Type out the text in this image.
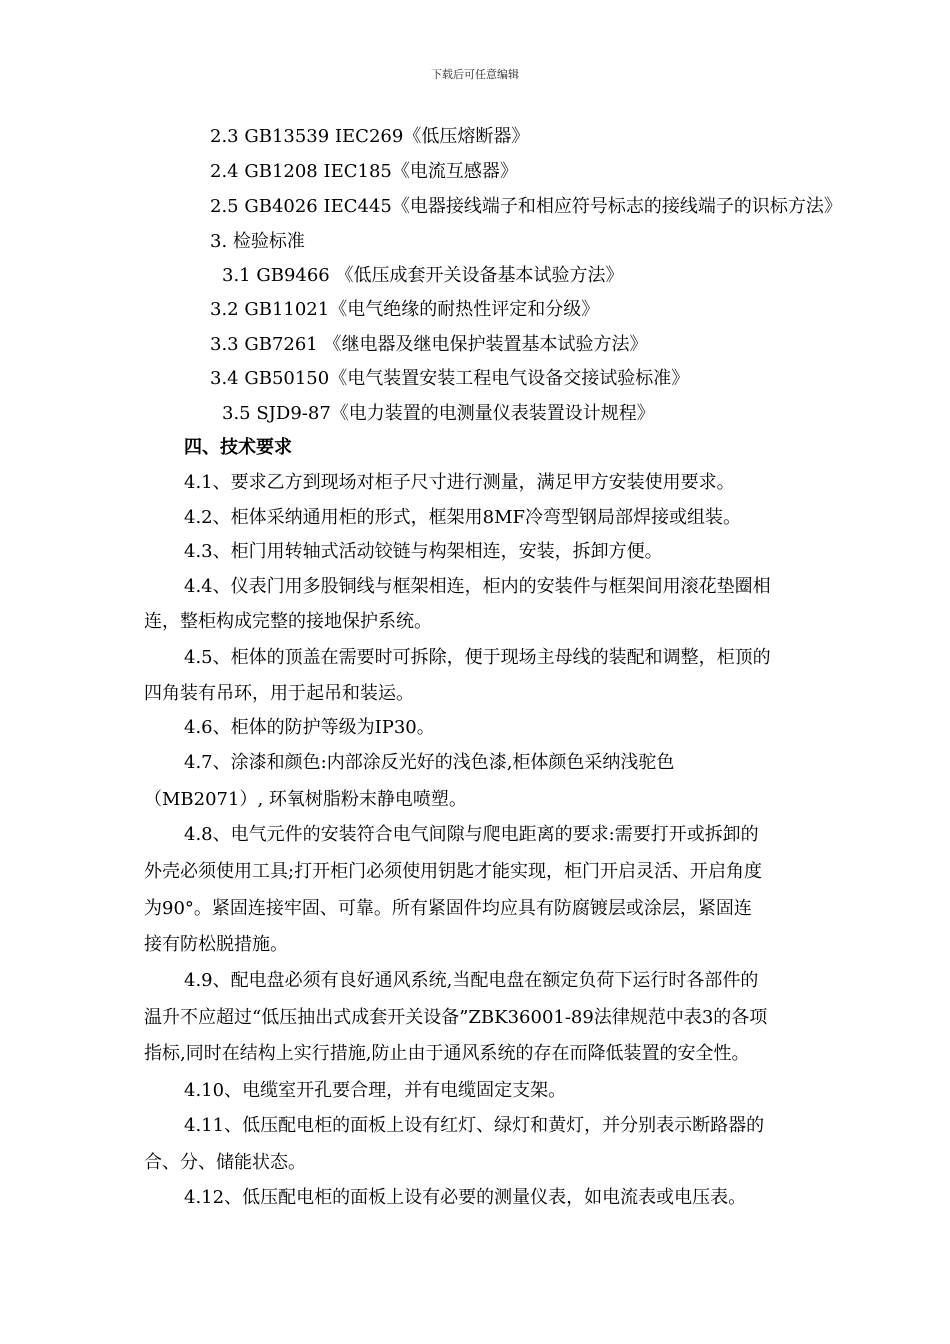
下载后可任意编辑
2.3 GB13539 IEC269《低压熔断器》
2.4 GB1208 IEC185《电流互感器》
2.5 GB4026 IEC445《电器接线端子和相应符号标志的接线端子的识标方法》
3. 检验标准
3.1 GB9466 《低压成套开关设备基本试验方法》
3.2 GB11021《电气绝缘的耐热性评定和分级》
3.3 GB7261 《继电器及继电保护装置基本试验方法》
3.4 GB50150《电气装置安装工程电气设备交接试验标准》
3.5 SJD9-87《电力装置的电测量仪表装置设计规程》
四、技术要求
4.1、要求乙方到现场对柜子尺寸进行测量，满足甲方安装使用要求。
4.2、柜体采纳通用柜的形式，框架用8MF冷弯型钢局部焊接或组装。
4.3、柜门用转轴式活动铰链与构架相连，安装，拆卸方便。
4.4、仪表门用多股铜线与框架相连，柜内的安装件与框架间用滚花垫圈相
连，整柜构成完整的接地保护系统。
4.5、柜体的顶盖在需要时可拆除，便于现场主母线的装配和调整，柜顶的
四角装有吊环，用于起吊和装运。
4.6、柜体的防护等级为IP30。
4.7、涂漆和颜色:内部涂反光好的浅色漆,柜体颜色采纳浅驼色
（MB2071）, 环氧树脂粉末静电喷塑。
4.8、电气元件的安装符合电气间隙与爬电距离的要求:需要打开或拆卸的
外壳必须使用工具;打开柜门必须使用钥匙才能实现，柜门开启灵活、开启角度
为90°。紧固连接牢固、可靠。所有紧固件均应具有防腐镀层或涂层，紧固连
接有防松脱措施。
4.9、配电盘必须有良好通风系统,当配电盘在额定负荷下运行时各部件的
温升不应超过“低压抽出式成套开关设备”ZBK36001-89法律规范中表3的各项
指标,同时在结构上实行措施,防止由于通风系统的存在而降低装置的安全性。
4.10、电缆室开孔要合理，并有电缆固定支架。
4.11、低压配电柜的面板上设有红灯、绿灯和黄灯，并分别表示断路器的
合、分、储能状态。
4.12、低压配电柜的面板上设有必要的测量仪表，如电流表或电压表。
